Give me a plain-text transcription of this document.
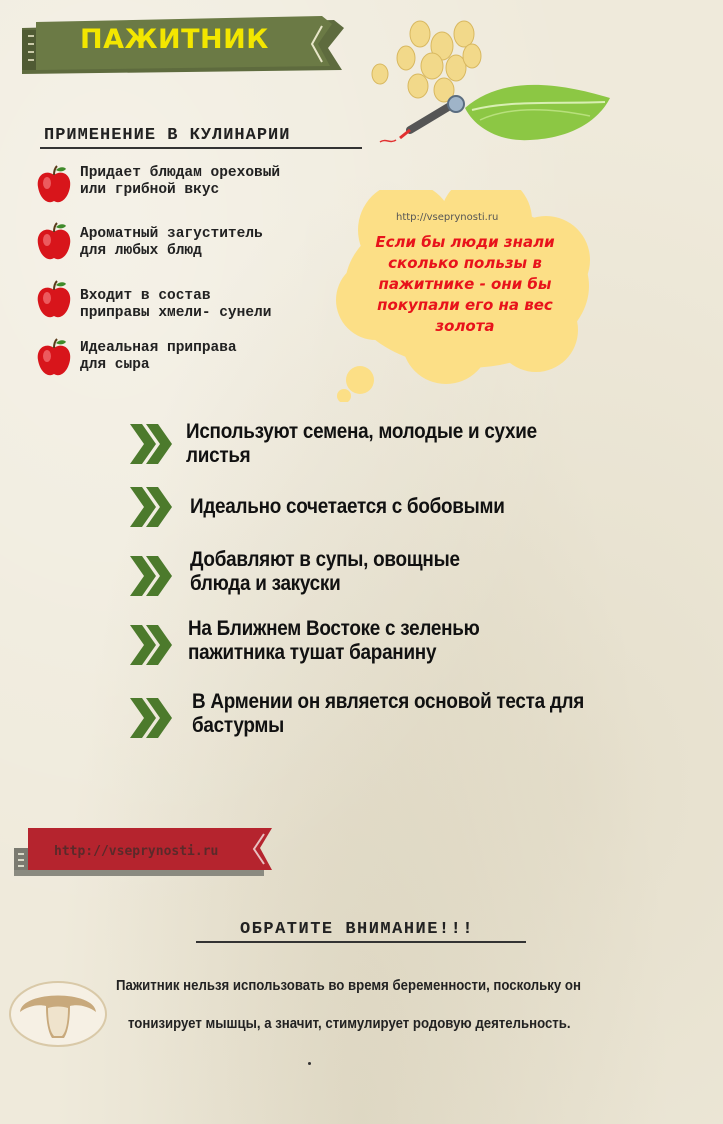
ПАЖИТНИК
ПРИМЕНЕНИЕ В КУЛИНАРИИ
Придает блюдам ореховый
или грибной вкус
Ароматный загуститель
для любых блюд
Входит в состав
приправы хмели- сунели
Идеальная приправа
для сыра
http://vseprynosti.ru
Если бы люди знали сколько пользы в пажитнике - они бы покупали его на вес золота
Используют семена, молодые и сухие листья
Идеально сочетается с бобовыми
Добавляют в супы, овощные блюда и закуски
На Ближнем Востоке с зеленью пажитника тушат баранину
В Армении он является основой теста для бастурмы
http://vseprynosti.ru
ОБРАТИТЕ ВНИМАНИЕ!!!
Пажитник нельзя использовать во время беременности, поскольку он
тонизирует мышцы, а значит, стимулирует родовую деятельность.
